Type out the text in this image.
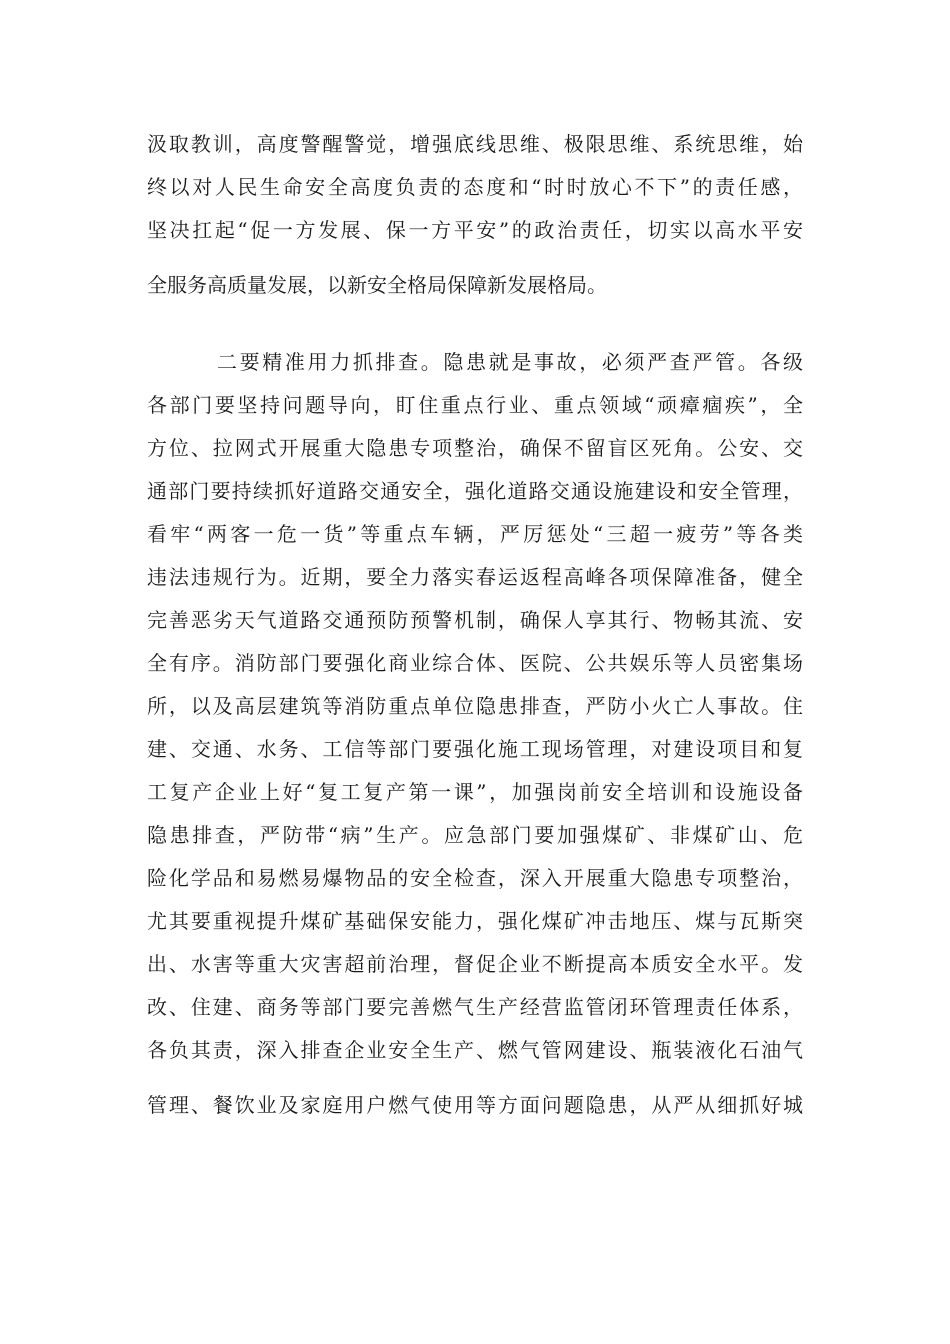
汲取教训，高度警醒警觉，增强底线思维、极限思维、系统思维，始
终以对人民生命安全高度负责的态度和“时时放心不下”的责任感，
坚决扛起“促一方发展、保一方平安”的政治责任，切实以高水平安
全服务高质量发展，以新安全格局保障新发展格局。
二要精准用力抓排查。隐患就是事故，必须严查严管。各级
各部门要坚持问题导向，盯住重点行业、重点领域“顽瘴痼疾”，全
方位、拉网式开展重大隐患专项整治，确保不留盲区死角。公安、交
通部门要持续抓好道路交通安全，强化道路交通设施建设和安全管理，
看牢“两客一危一货”等重点车辆，严厉惩处“三超一疲劳”等各类
违法违规行为。近期，要全力落实春运返程高峰各项保障准备，健全
完善恶劣天气道路交通预防预警机制，确保人享其行、物畅其流、安
全有序。消防部门要强化商业综合体、医院、公共娱乐等人员密集场
所，以及高层建筑等消防重点单位隐患排查，严防小火亡人事故。住
建、交通、水务、工信等部门要强化施工现场管理，对建设项目和复
工复产企业上好“复工复产第一课”，加强岗前安全培训和设施设备
隐患排查，严防带“病”生产。应急部门要加强煤矿、非煤矿山、危
险化学品和易燃易爆物品的安全检查，深入开展重大隐患专项整治，
尤其要重视提升煤矿基础保安能力，强化煤矿冲击地压、煤与瓦斯突
出、水害等重大灾害超前治理，督促企业不断提高本质安全水平。发
改、住建、商务等部门要完善燃气生产经营监管闭环管理责任体系，
各负其责，深入排查企业安全生产、燃气管网建设、瓶装液化石油气
管理、餐饮业及家庭用户燃气使用等方面问题隐患，从严从细抓好城
